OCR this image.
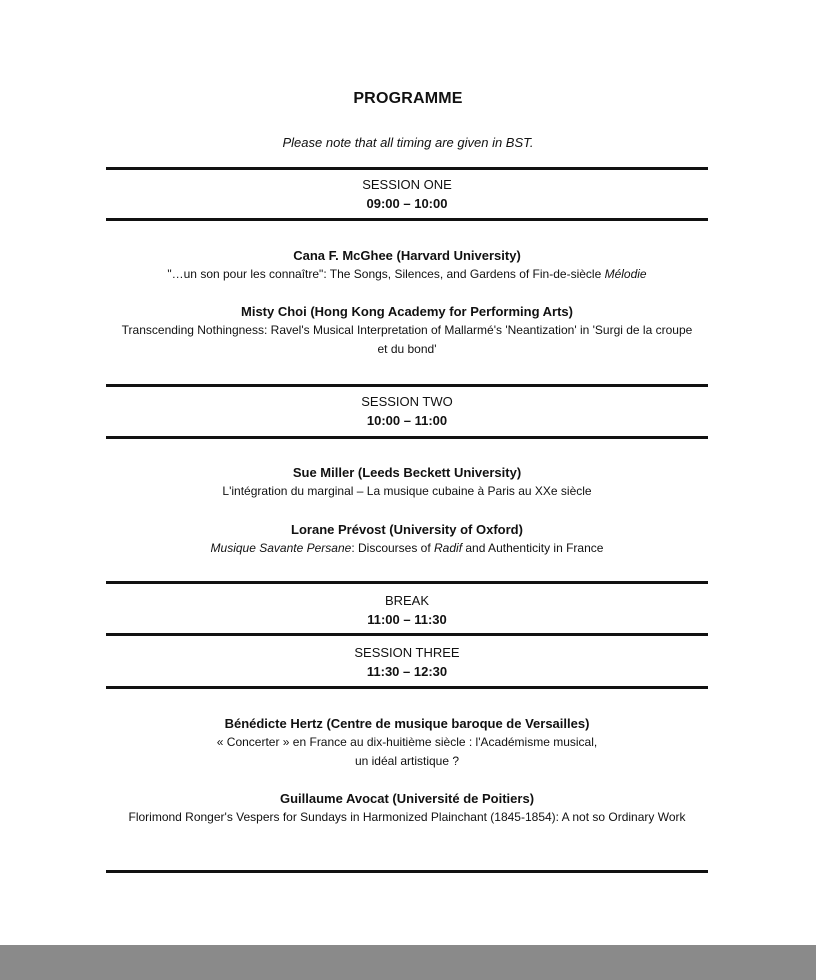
PROGRAMME
Please note that all timing are given in BST.
SESSION ONE
09:00 – 10:00
Cana F. McGhee (Harvard University)
"…un son pour les connaître": The Songs, Silences, and Gardens of Fin-de-siècle Mélodie
Misty Choi (Hong Kong Academy for Performing Arts)
Transcending Nothingness: Ravel's Musical Interpretation of Mallarmé's 'Neantization' in 'Surgi de la croupe et du bond'
SESSION TWO
10:00 – 11:00
Sue Miller (Leeds Beckett University)
L'intégration du marginal – La musique cubaine à Paris au XXe siècle
Lorane Prévost (University of Oxford)
Musique Savante Persane: Discourses of Radif and Authenticity in France
BREAK
11:00 – 11:30
SESSION THREE
11:30 – 12:30
Bénédicte Hertz (Centre de musique baroque de Versailles)
« Concerter » en France au dix-huitième siècle : l'Académisme musical,
un idéal artistique ?
Guillaume Avocat (Université de Poitiers)
Florimond Ronger's Vespers for Sundays in Harmonized Plainchant (1845-1854): A not so Ordinary Work
